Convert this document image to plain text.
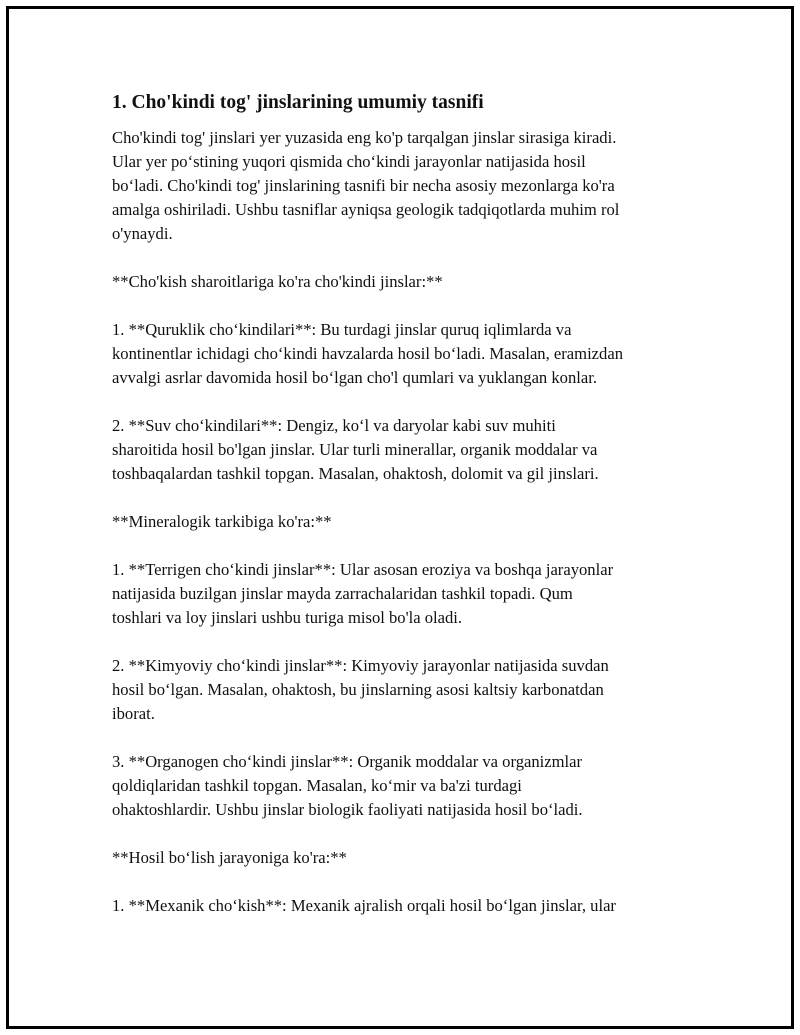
1. Cho'kindi tog' jinslarining umumiy tasnifi
Cho'kindi tog' jinslari yer yuzasida eng ko'p tarqalgan jinslar sirasiga kiradi.
Ular yer po‘stining yuqori qismida cho‘kindi jarayonlar natijasida hosil
bo‘ladi. Cho'kindi tog' jinslarining tasnifi bir necha asosiy mezonlarga ko'ra
amalga oshiriladi. Ushbu tasniflar ayniqsa geologik tadqiqotlarda muhim rol
o'ynaydi.
**Cho'kish sharoitlariga ko'ra cho'kindi jinslar:**
1. **Quruklik cho‘kindilari**: Bu turdagi jinslar quruq iqlimlarda va
kontinentlar ichidagi cho‘kindi havzalarda hosil bo‘ladi. Masalan, eramizdan
avvalgi asrlar davomida hosil bo‘lgan cho'l qumlari va yuklangan konlar.
2. **Suv cho‘kindilari**: Dengiz, ko‘l va daryolar kabi suv muhiti
sharoitida hosil bo'lgan jinslar. Ular turli minerallar, organik moddalar va
toshbaqalardan tashkil topgan. Masalan, ohaktosh, dolomit va gil jinslari.
**Mineralogik tarkibiga ko'ra:**
1. **Terrigen cho‘kindi jinslar**: Ular asosan eroziya va boshqa jarayonlar
natijasida buzilgan jinslar mayda zarrachalaridan tashkil topadi. Qum
toshlari va loy jinslari ushbu turiga misol bo'la oladi.
2. **Kimyoviy cho‘kindi jinslar**: Kimyoviy jarayonlar natijasida suvdan
hosil bo‘lgan. Masalan, ohaktosh, bu jinslarning asosi kaltsiy karbonatdan
iborat.
3. **Organogen cho‘kindi jinslar**: Organik moddalar va organizmlar
qoldiqlaridan tashkil topgan. Masalan, ko‘mir va ba'zi turdagi
ohaktoshlardir. Ushbu jinslar biologik faoliyati natijasida hosil bo‘ladi.
**Hosil bo‘lish jarayoniga ko'ra:**
1. **Mexanik cho‘kish**: Mexanik ajralish orqali hosil bo‘lgan jinslar, ular
